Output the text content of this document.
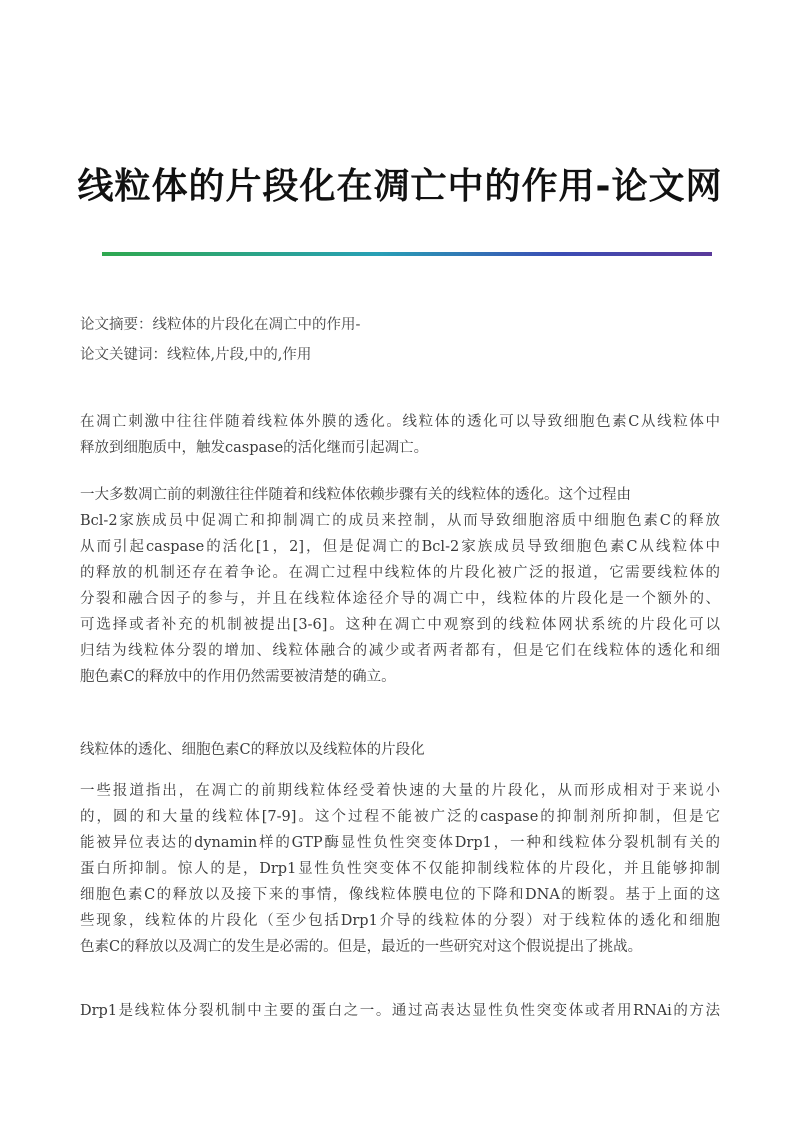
线粒体的片段化在凋亡中的作用-论文网
论文摘要：线粒体的片段化在凋亡中的作用-
论文关键词：线粒体,片段,中的,作用
在凋亡刺激中往往伴随着线粒体外膜的透化。线粒体的透化可以导致细胞色素C从线粒体中
释放到细胞质中，触发caspase的活化继而引起凋亡。
一大多数凋亡前的刺激往往伴随着和线粒体依赖步骤有关的线粒体的透化。这个过程由
Bcl-2家族成员中促凋亡和抑制凋亡的成员来控制，从而导致细胞溶质中细胞色素C的释放
从而引起caspase的活化[1，2]，但是促凋亡的Bcl-2家族成员导致细胞色素C从线粒体中
的释放的机制还存在着争论。在凋亡过程中线粒体的片段化被广泛的报道，它需要线粒体的
分裂和融合因子的参与，并且在线粒体途径介导的凋亡中，线粒体的片段化是一个额外的、
可选择或者补充的机制被提出[3-6]。这种在凋亡中观察到的线粒体网状系统的片段化可以
归结为线粒体分裂的增加、线粒体融合的减少或者两者都有，但是它们在线粒体的透化和细
胞色素C的释放中的作用仍然需要被清楚的确立。
线粒体的透化、细胞色素C的释放以及线粒体的片段化
一些报道指出，在凋亡的前期线粒体经受着快速的大量的片段化，从而形成相对于来说小
的，圆的和大量的线粒体[7-9]。这个过程不能被广泛的caspase的抑制剂所抑制，但是它
能被异位表达的dynamin样的GTP酶显性负性突变体Drp1，一种和线粒体分裂机制有关的
蛋白所抑制。惊人的是，Drp1显性负性突变体不仅能抑制线粒体的片段化，并且能够抑制
细胞色素C的释放以及接下来的事情，像线粒体膜电位的下降和DNA的断裂。基于上面的这
些现象，线粒体的片段化（至少包括Drp1介导的线粒体的分裂）对于线粒体的透化和细胞
色素C的释放以及凋亡的发生是必需的。但是，最近的一些研究对这个假说提出了挑战。
Drp1是线粒体分裂机制中主要的蛋白之一。通过高表达显性负性突变体或者用RNAi的方法
